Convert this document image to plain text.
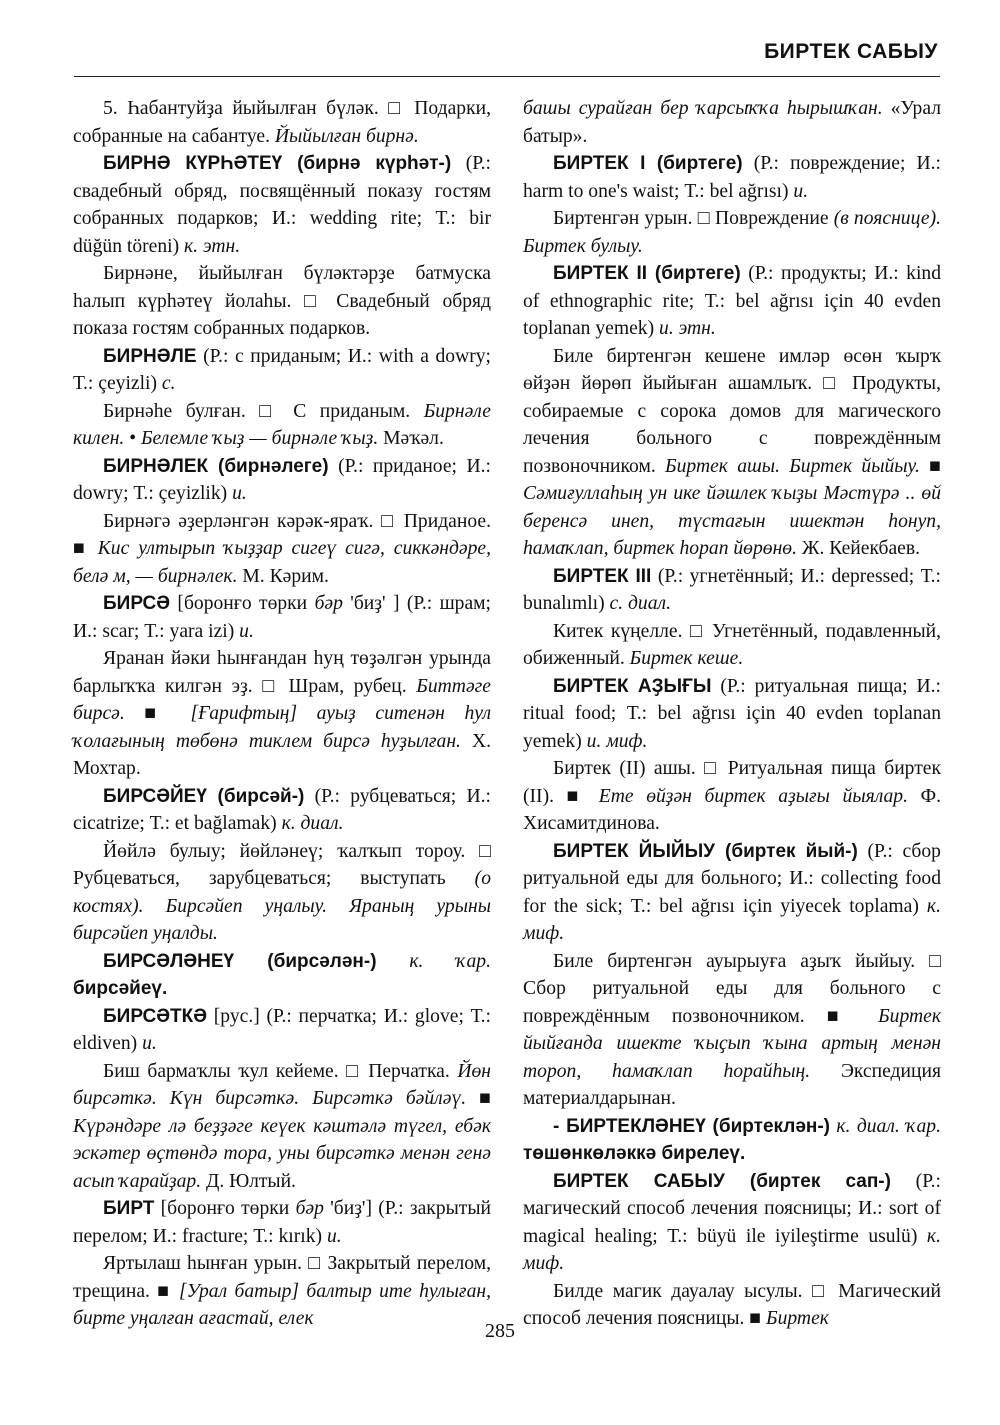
БИРТЕК САБЫУ

5. Һабантуйҙа йыйылған бүләк. □ Подарки, собранные на сабантуе. Йыйылған бирнә.

БИРНӘ КҮРҺӘТЕҮ (бирнә күрһәт-) (Р.: свадебный обряд, посвящённый показу гостям собранных подарков; И.: wedding rite; Т.: bir düğün töreni) к. этн.

Бирнәне, йыйылған бүләктәрҙе батмуска һалып күрһәтеү йолаһы. □ Свадебный обряд показа гостям собранных подарков.

БИРНӘЛЕ (Р.: с приданым; И.: with a dowry; Т.: çeyizli) с.

Бирнәһе булған. □ С приданым. Бирнәле килен. • Белемле ҡыҙ — бирнәле ҡыҙ. Мәҡәл.

БИРНӘЛЕК (бирнәлеге) (Р.: приданое; И.: dowry; Т.: çeyizlik) и.

Бирнәгә әҙерләнгән кәрәк-яраҡ. □ Приданое. ■ Кис ултырып ҡыҙҙар сигеү сигә, сиккәндәре, белә м, — бирнәлек. М. Кәрим.

БИРСӘ [боронғо төрки бәр 'биҙ' ] (Р.: шрам; И.: scar; Т.: yara izi) и.

Яранан йәки һынғандан һуң төҙәлгән урында барлыҡҡа килгән эҙ. □ Шрам, рубец. Биттәге бирсә. ■ [Ғарифтың] ауыҙ ситенән һул ҡолағының төбөнә тиклем бирсә һуҙылған. Х. Мохтар.

БИРСӘЙЕҮ (бирсәй-) (Р.: рубцеваться; И.: cicatrize; Т.: et bağlamak) к. диал.

Йөйлә булыу; йөйләнеү; ҡалҡып тороу. □ Рубцеваться, зарубцеваться; выступать (о костях). Бирсәйеп уңалыу. Яраның урыны бирсәйеп уңалды.

БИРСӘЛӘНЕҮ (бирсәлән-) к. ҡар. бирсәйеү.

БИРСӘТКӘ [рус.] (Р.: перчатка; И.: glove; Т.: eldiven) и.

Биш бармаҡлы ҡул кейеме. □ Перчатка. Йөн бирсәткә. Күн бирсәткә. Бирсәткә бәйләү. ■ Күрәндәре лә беҙҙәге кеүек кәштәлә түгел, ебәк эскәтер өҫтөндә тора, уны бирсәткә менән генә асып ҡарайҙар. Д. Юлтый.

БИРТ [боронғо төрки бәр 'биҙ'] (Р.: закрытый перелом; И.: fracture; Т.: kırık) и.

Яртылаш һынған урын. □ Закрытый перелом, трещина. ■ [Урал батыр] балтыр ите һулыған, бирте уңалған ағастай, елек

башы сурайған бер ҡарсыҡҡа һырышҡан. «Урал батыр».

БИРТЕК I (биртеге) (Р.: повреждение; И.: harm to one's waist; Т.: bel ağrısı) и.

Биртенгән урын. □ Повреждение (в пояснице). Биртек булыу.

БИРТЕК II (биртеге) (Р.: продукты; И.: kind of ethnographic rite; Т.: bel ağrısı için 40 evden toplanan yemek) и. этн.

Биле биртенгән кешене имләр өсөн ҡырҡ өйҙән йөрөп йыйыған ашамлыҡ. □ Продукты, собираемые с сорока домов для магического лечения больного с повреждённым позвоночником. Биртек ашы. Биртек йыйыу. ■ Сәмиғуллаһың ун ике йәшлек ҡыҙы Мәстүрә .. өй беренсә инеп, түстағын ишектән һонуп, һамаҡлап, биртек һорап йөрөнө. Ж. Кейекбаев.

БИРТЕК III (Р.: угнетённый; И.: depressed; Т.: bunalımlı) с. диал.

Китек күңелле. □ Угнетённый, подавленный, обиженный. Биртек кеше.

БИРТЕК АҘЫҒЫ (Р.: ритуальная пища; И.: ritual food; Т.: bel ağrısı için 40 evden toplanan yemek) и. миф.

Биртек (II) ашы. □ Ритуальная пища биртек (II). ■ Ете өйҙән биртек аҙығы йыялар. Ф. Хисамитдинова.

БИРТЕК ЙЫЙЫУ (биртек йый-) (Р.: сбор ритуальной еды для больного; И.: collecting food for the sick; Т.: bel ağrısı için yiyecek toplama) к. миф.

Биле биртенгән ауырыуға аҙыҡ йыйыу. □ Сбор ритуальной еды для больного с повреждённым позвоночником. ■ Биртек йыйғанда ишекте ҡыҫып ҡына артың менән тороп, һамаҡлап һорайһың. Экспедиция материалдарынан.

- БИРТЕКЛӘНЕҮ (биртеклән-) к. диал. ҡар. төшөнкөләккә бирелеү.

БИРТЕК САБЫУ (биртек сап-) (Р.: магический способ лечения поясницы; И.: sort of magical healing; Т.: büyü ile iyileştirme usulü) к. миф.

Билде магик дауалау ысулы. □ Магический способ лечения поясницы. ■ Биртек

285
